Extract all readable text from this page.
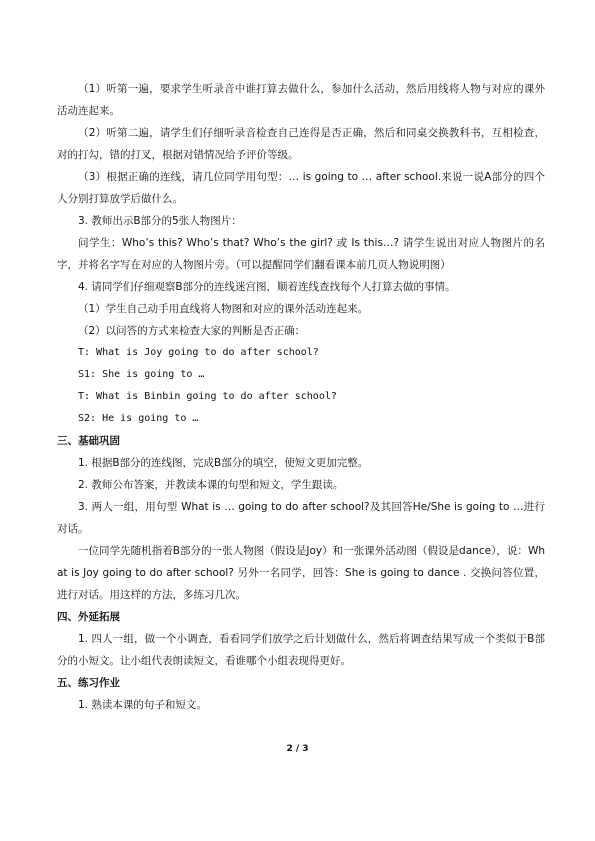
（1）听第一遍，要求学生听录音中谁打算去做什么，参加什么活动，然后用线将人物与对应的课外活动连起来。

（2）听第二遍，请学生们仔细听录音检查自己连得是否正确，然后和同桌交换教科书，互相检查，对的打勾，错的打叉，根据对错情况给予评价等级。

（3）根据正确的连线，请几位同学用句型：… is going to … after school.来说一说A部分的四个人分别打算放学后做什么。

3. 教师出示B部分的5张人物图片：

问学生：Who’s this? Who’s that? Who’s the girl? 或 Is this…? 请学生说出对应人物图片的名字，并将名字写在对应的人物图片旁。（可以提醒同学们翻看课本前几页人物说明图）

4. 请同学们仔细观察B部分的连线迷宫图，顺着连线查找每个人打算去做的事情。

（1）学生自己动手用直线将人物图和对应的课外活动连起来。

（2）以问答的方式来检查大家的判断是否正确：

T: What is Joy going to do after school?

S1: She is going to …

T: What is Binbin going to do after school?

S2: He is going to …

三、基础巩固

1. 根据B部分的连线图，完成B部分的填空，使短文更加完整。

2. 教师公布答案，并教读本课的句型和短文，学生跟读。

3. 两人一组，用句型 What is … going to do after school?及其回答He/She is going to …进行对话。

一位同学先随机指着B部分的一张人物图（假设是Joy）和一张课外活动图（假设是dance），说：What is Joy going to do after school? 另外一名同学，回答：She is going to dance . 交换问答位置，进行对话。用这样的方法，多练习几次。

四、外延拓展

1. 四人一组，做一个小调查，看看同学们放学之后计划做什么，然后将调查结果写成一个类似于B部分的小短文。让小组代表朗读短文，看谁哪个小组表现得更好。

五、练习作业

1. 熟读本课的句子和短文。

2 / 3
